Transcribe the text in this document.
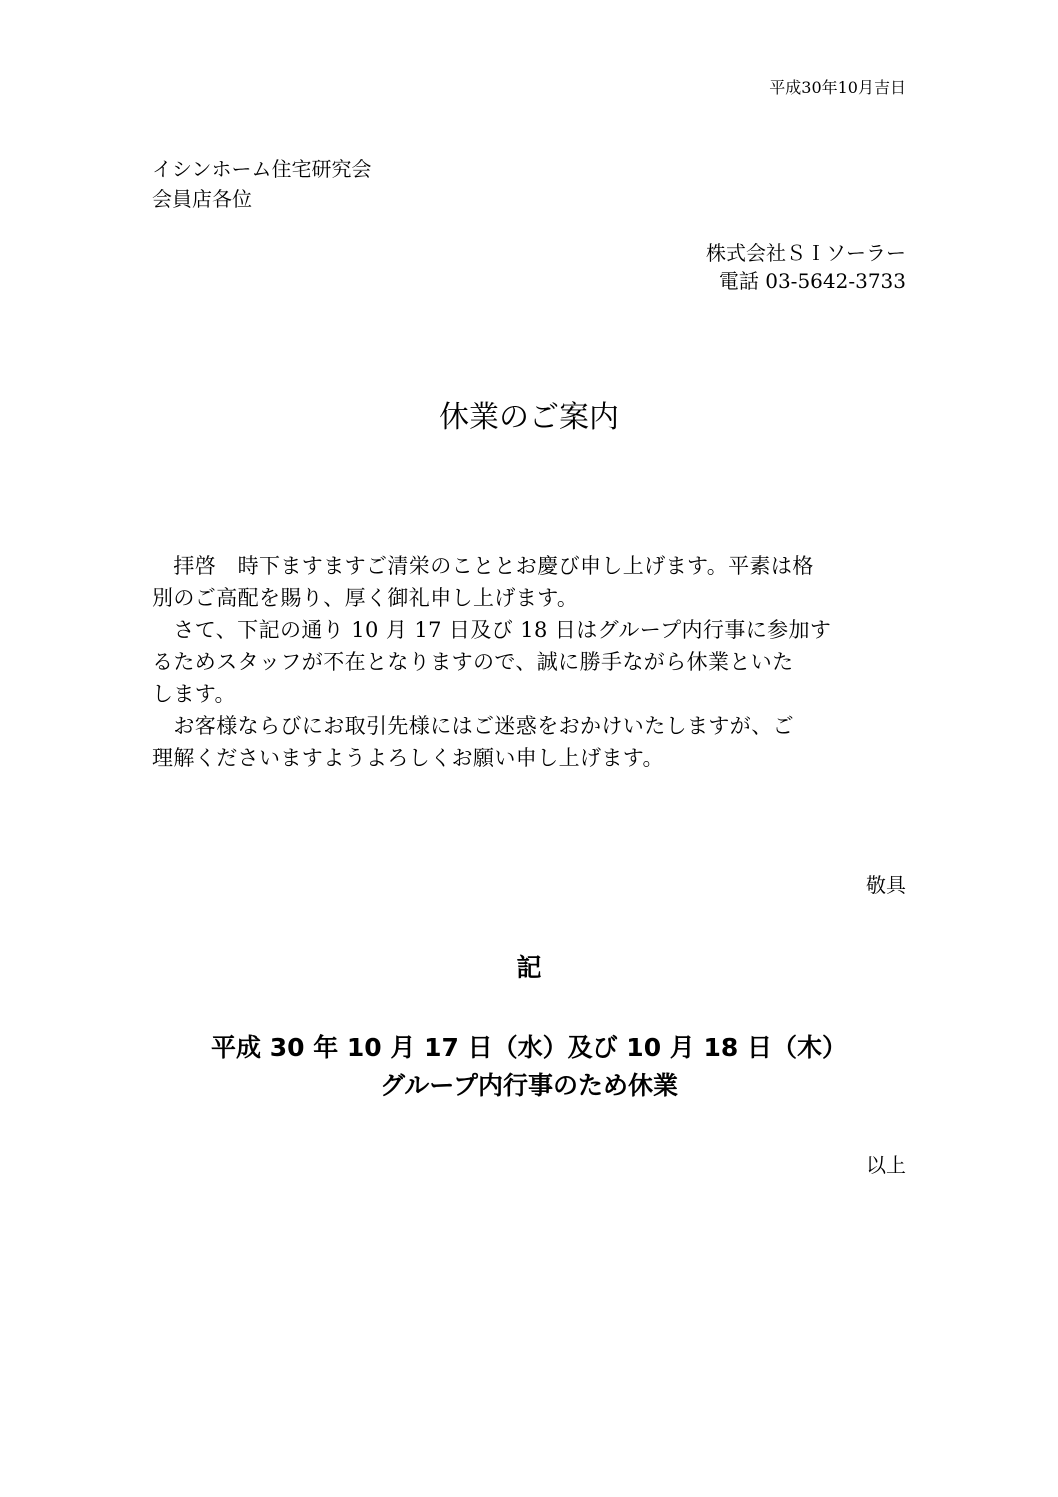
平成30年10月吉日
イシンホーム住宅研究会
会員店各位
株式会社ＳＩソーラー
電話 03-5642-3733
休業のご案内
　拝啓　時下ますますご清栄のこととお慶び申し上げます。平素は格
別のご高配を賜り、厚く御礼申し上げます。
　さて、下記の通り 10 月 17 日及び 18 日はグループ内行事に参加す
るためスタッフが不在となりますので、誠に勝手ながら休業といた
します。
　お客様ならびにお取引先様にはご迷惑をおかけいたしますが、ご
理解くださいますようよろしくお願い申し上げます。
敬具
記
平成 30 年 10 月 17 日（水）及び 10 月 18 日（木）
グループ内行事のため休業
以上
